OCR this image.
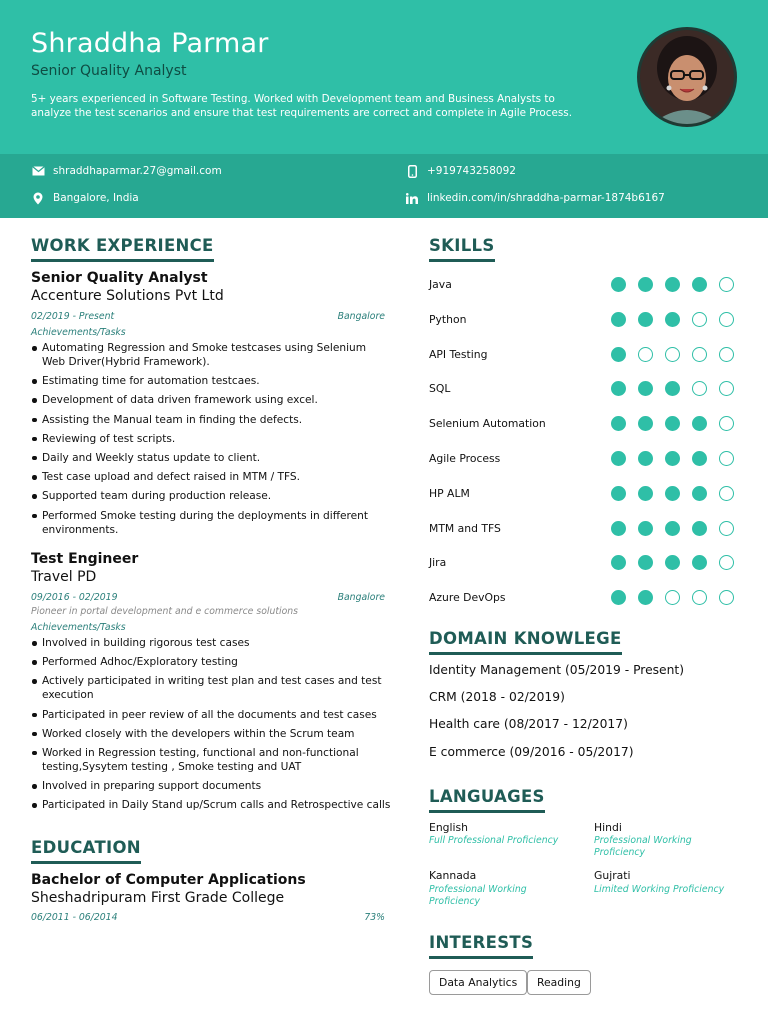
Shraddha Parmar
Senior Quality Analyst
5+ years experienced in Software Testing. Worked with Development team and Business Analysts to analyze the test scenarios and ensure that test requirements are correct and complete in Agile Process.
shraddhaparmar.27@gmail.com	+919743258092
Bangalore, India	linkedin.com/in/shraddha-parmar-1874b6167
WORK EXPERIENCE
Senior Quality Analyst
Accenture Solutions Pvt Ltd
02/2019 - Present	Bangalore
Achievements/Tasks
Automating Regression and Smoke testcases using Selenium Web Driver(Hybrid Framework).
Estimating time for automation testcaes.
Development of data driven framework using excel.
Assisting the Manual team in finding the defects.
Reviewing of test scripts.
Daily and Weekly status update to client.
Test case upload and defect raised in MTM / TFS.
Supported team during production release.
Performed Smoke testing during the deployments in different environments.
Test Engineer
Travel PD
09/2016 - 02/2019	Bangalore
Pioneer in portal development and e commerce solutions
Achievements/Tasks
Involved in building rigorous test cases
Performed Adhoc/Exploratory testing
Actively participated in writing test plan and test cases and test execution
Participated in peer review of all the documents and test cases
Worked closely with the developers within the Scrum team
Worked in Regression testing, functional and non-functional testing,Sysytem testing , Smoke testing and UAT
Involved in preparing support documents
Participated in Daily Stand up/Scrum calls and Retrospective calls
EDUCATION
Bachelor of Computer Applications
Sheshadripuram First Grade College
06/2011 - 06/2014	73%
SKILLS
Java
Python
API Testing
SQL
Selenium Automation
Agile Process
HP ALM
MTM and TFS
Jira
Azure DevOps
DOMAIN KNOWLEGE
Identity Management (05/2019 - Present)
CRM (2018 - 02/2019)
Health care (08/2017 - 12/2017)
E commerce (09/2016 - 05/2017)
LANGUAGES
English
Full Professional Proficiency
Hindi
Professional Working Proficiency
Kannada
Professional Working Proficiency
Gujrati
Limited Working Proficiency
INTERESTS
Data Analytics	Reading
